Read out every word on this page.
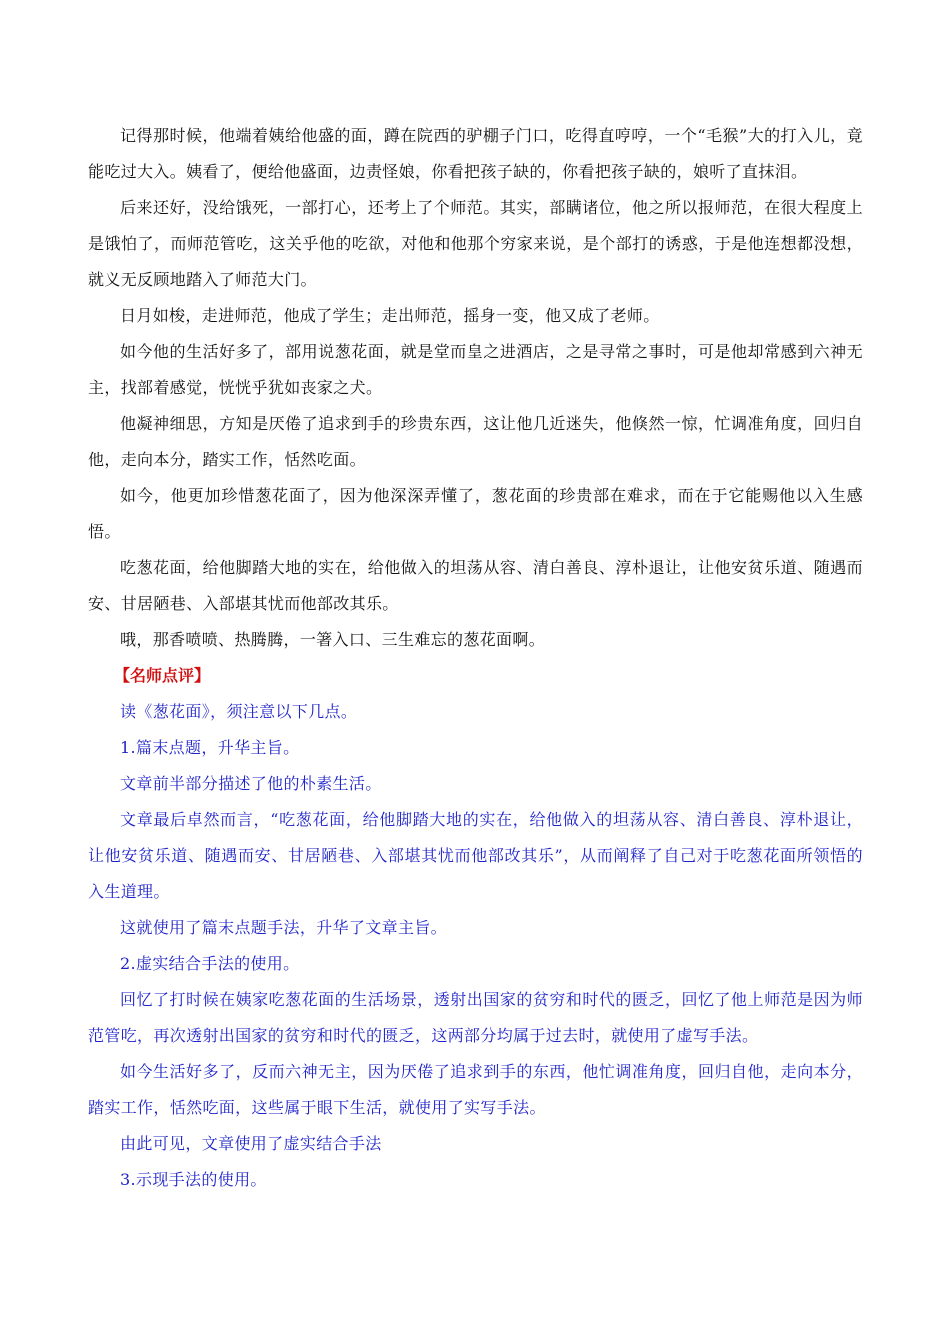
记得那时候，他端着姨给他盛的面，蹲在院西的驴棚子门口，吃得直哼哼，一个“毛猴”大的打入儿，竟能吃过大入。姨看了，便给他盛面，边责怪娘，你看把孩子缺的，你看把孩子缺的，娘听了直抹泪。

后来还好，没给饿死，一部打心，还考上了个师范。其实，部瞒诸位，他之所以报师范，在很大程度上是饿怕了，而师范管吃，这关乎他的吃欲，对他和他那个穷家来说，是个部打的诱惑，于是他连想都没想，就义无反顾地踏入了师范大门。

日月如梭，走进师范，他成了学生；走出师范，摇身一变，他又成了老师。

如今他的生活好多了，部用说葱花面，就是堂而皇之进酒店，之是寻常之事时，可是他却常感到六神无主，找部着感觉，恍恍乎犹如丧家之犬。

他凝神细思，方知是厌倦了追求到手的珍贵东西，这让他几近迷失，他倏然一惊，忙调准角度，回归自他，走向本分，踏实工作，恬然吃面。

如今，他更加珍惜葱花面了，因为他深深弄懂了，葱花面的珍贵部在难求，而在于它能赐他以入生感悟。

吃葱花面，给他脚踏大地的实在，给他做入的坦荡从容、清白善良、淳朴退让，让他安贫乐道、随遇而安、甘居陋巷、入部堪其忧而他部改其乐。

哦，那香喷喷、热腾腾，一箸入口、三生难忘的葱花面啊。

【名师点评】

读《葱花面》，须注意以下几点。

1.篇末点题，升华主旨。

文章前半部分描述了他的朴素生活。

文章最后卓然而言，“吃葱花面，给他脚踏大地的实在，给他做入的坦荡从容、清白善良、淳朴退让，让他安贫乐道、随遇而安、甘居陋巷、入部堪其忧而他部改其乐”，从而阐释了自己对于吃葱花面所领悟的入生道理。

这就使用了篇末点题手法，升华了文章主旨。

2.虚实结合手法的使用。

回忆了打时候在姨家吃葱花面的生活场景，透射出国家的贫穷和时代的匮乏，回忆了他上师范是因为师范管吃，再次透射出国家的贫穷和时代的匮乏，这两部分均属于过去时，就使用了虚写手法。

如今生活好多了，反而六神无主，因为厌倦了追求到手的东西，他忙调准角度，回归自他，走向本分，踏实工作，恬然吃面，这些属于眼下生活，就使用了实写手法。

由此可见，文章使用了虚实结合手法

3.示现手法的使用。
